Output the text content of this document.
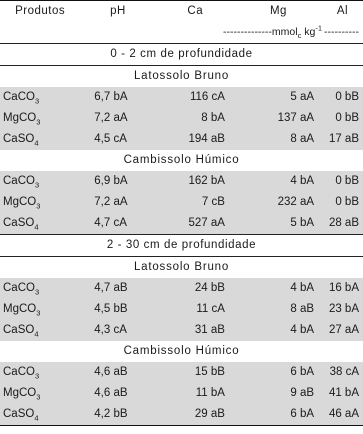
Produtos	pH	Ca	Mg	Al
		--------------mmol$_c$ $kg^{-1}$		----------
0 - 2 cm de profundidade				
Latossolo Bruno				
CaCO$_3$	6,7 bA	116 cA	5 aA	0 bB
MgCO$_3$	7,2 aA	8 bA	137 aA	0 bB
CaSO$_4$	4,5 cA	194 aB	8 aA	17 aB
Cambissolo Húmico				
CaCO$_3$	6,9 bA	162 bA	4 bA	0 bB
MgCO$_3$	7,2 aA	7 cB	232 aA	0 bB
CaSO$_4$	4,7 cA	527 aA	5 bA	28 aB
2 - 30 cm de profundidade				
Latossolo Bruno				
CaCO$_3$	4,7 aB	24 bB	4 bA	16 bA
MgCO$_3$	4,5 bB	11 cA	8 aB	23 bA
CaSO$_4$	4,3 cA	31 aB	4 bA	27 aA
Cambissolo Húmico				
CaCO$_3$	4,6 aB	15 bB	6 bA	38 cA
MgCO$_3$	4,6 aB	11 bA	9 aB	41 bA
CaSO$_4$	4,2 bB	29 aB	6 bA	46 aA
